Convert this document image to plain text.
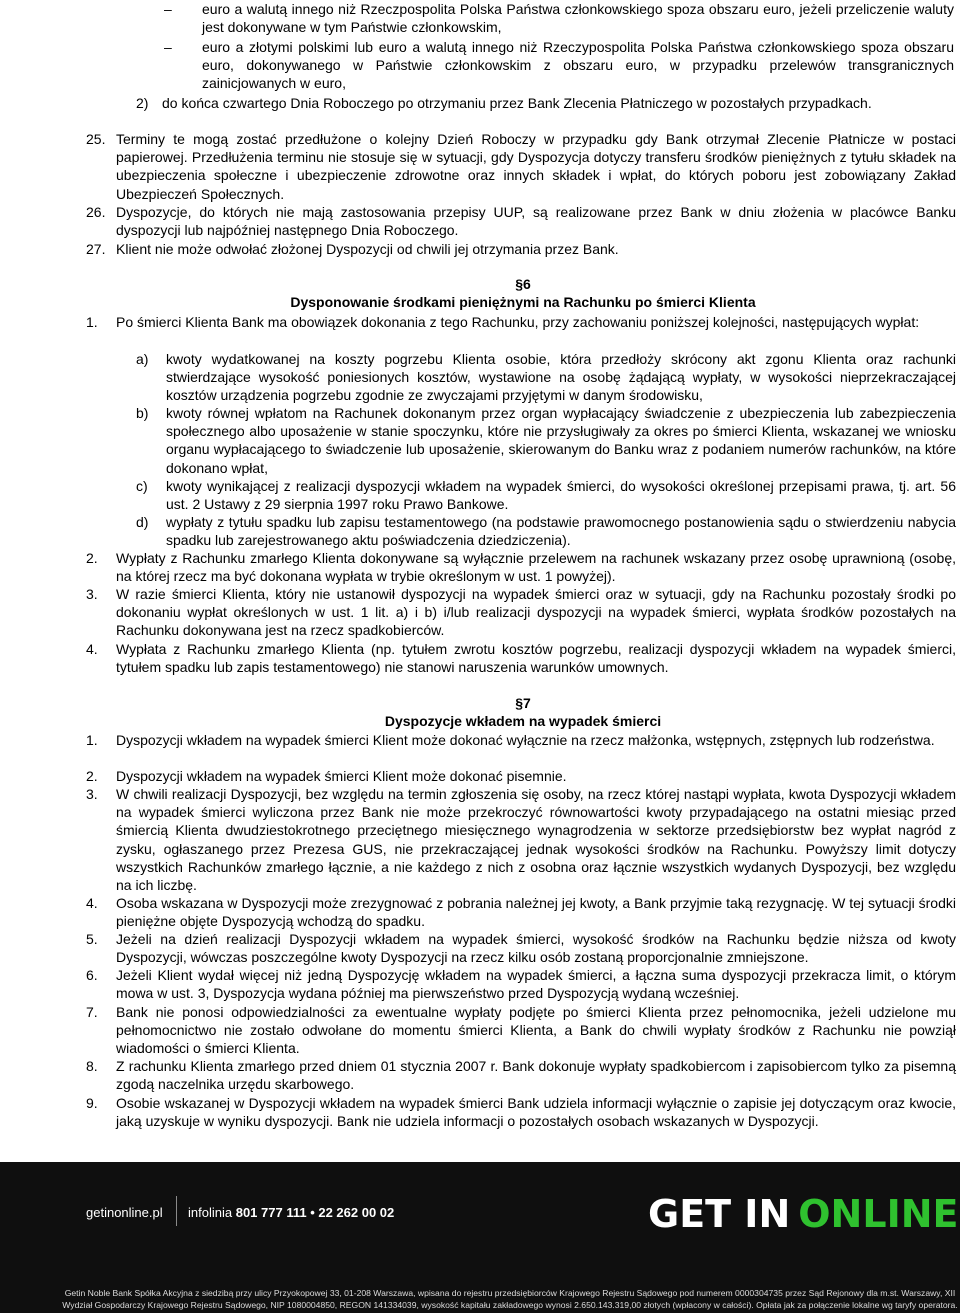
– euro a walutą innego niż Rzeczpospolita Polska Państwa członkowskiego spoza obszaru euro, jeżeli przeliczenie waluty jest dokonywane w tym Państwie członkowskim,
– euro a złotymi polskimi lub euro a walutą innego niż Rzeczypospolita Polska Państwa członkowskiego spoza obszaru euro, dokonywanego w Państwie członkowskim z obszaru euro, w przypadku przelewów transgranicznych zainicjowanych w euro,
2) do końca czwartego Dnia Roboczego po otrzymaniu przez Bank Zlecenia Płatniczego w pozostałych przypadkach.
25. Terminy te mogą zostać przedłużone o kolejny Dzień Roboczy w przypadku gdy Bank otrzymał Zlecenie Płatnicze w postaci papierowej. Przedłużenia terminu nie stosuje się w sytuacji, gdy Dyspozycja dotyczy transferu środków pieniężnych z tytułu składek na ubezpieczenia społeczne i ubezpieczenie zdrowotne oraz innych składek i wpłat, do których poboru jest zobowiązany Zakład Ubezpieczeń Społecznych.
26. Dyspozycje, do których nie mają zastosowania przepisy UUP, są realizowane przez Bank w dniu złożenia w placówce Banku dyspozycji lub najpóźniej następnego Dnia Roboczego.
27. Klient nie może odwołać złożonej Dyspozycji od chwili jej otrzymania przez Bank.
§6
Dysponowanie środkami pieniężnymi na Rachunku po śmierci Klienta
1. Po śmierci Klienta Bank ma obowiązek dokonania z tego Rachunku, przy zachowaniu poniższej kolejności, następujących wypłat:
a) kwoty wydatkowanej na koszty pogrzebu Klienta osobie, która przedłoży skrócony akt zgonu Klienta oraz rachunki stwierdzające wysokość poniesionych kosztów, wystawione na osobę żądającą wypłaty, w wysokości nieprzekraczającej kosztów urządzenia pogrzebu zgodnie ze zwyczajami przyjętymi w danym środowisku,
b) kwoty równej wpłatom na Rachunek dokonanym przez organ wypłacający świadczenie z ubezpieczenia lub zabezpieczenia społecznego albo uposażenie w stanie spoczynku, które nie przysługiwały za okres po śmierci Klienta, wskazanej we wniosku organu wypłacającego to świadczenie lub uposażenie, skierowanym do Banku wraz z podaniem numerów rachunków, na które dokonano wpłat,
c) kwoty wynikającej z realizacji dyspozycji wkładem na wypadek śmierci, do wysokości określonej przepisami prawa, tj. art. 56 ust. 2 Ustawy z 29 sierpnia 1997 roku Prawo Bankowe.
d) wypłaty z tytułu spadku lub zapisu testamentowego (na podstawie prawomocnego postanowienia sądu o stwierdzeniu nabycia spadku lub zarejestrowanego aktu poświadczenia dziedziczenia).
2. Wypłaty z Rachunku zmarłego Klienta dokonywane są wyłącznie przelewem na rachunek wskazany przez osobę uprawnioną (osobę, na której rzecz ma być dokonana wypłata w trybie określonym w ust. 1 powyżej).
3. W razie śmierci Klienta, który nie ustanowił dyspozycji na wypadek śmierci oraz w sytuacji, gdy na Rachunku pozostały środki po dokonaniu wypłat określonych w ust. 1 lit. a) i b) i/lub realizacji dyspozycji na wypadek śmierci, wypłata środków pozostałych na Rachunku dokonywana jest na rzecz spadkobierców.
4. Wypłata z Rachunku zmarłego Klienta (np. tytułem zwrotu kosztów pogrzebu, realizacji dyspozycji wkładem na wypadek śmierci, tytułem spadku lub zapis testamentowego) nie stanowi naruszenia warunków umownych.
§7
Dyspozycje wkładem na wypadek śmierci
1. Dyspozycji wkładem na wypadek śmierci Klient może dokonać wyłącznie na rzecz małżonka, wstępnych, zstępnych lub rodzeństwa.
2. Dyspozycji wkładem na wypadek śmierci Klient może dokonać pisemnie.
3. W chwili realizacji Dyspozycji, bez względu na termin zgłoszenia się osoby, na rzecz której nastąpi wypłata, kwota Dyspozycji wkładem na wypadek śmierci wyliczona przez Bank nie może przekroczyć równowartości kwoty przypadającego na ostatni miesiąc przed śmiercią Klienta dwudziestokrotnego przeciętnego miesięcznego wynagrodzenia w sektorze przedsiębiorstw bez wypłat nagród z zysku, ogłaszanego przez Prezesa GUS, nie przekraczającej jednak wysokości środków na Rachunku. Powyższy limit dotyczy wszystkich Rachunków zmarłego łącznie, a nie każdego z nich z osobna oraz łącznie wszystkich wydanych Dyspozycji, bez względu na ich liczbę.
4. Osoba wskazana w Dyspozycji może zrezygnować z pobrania należnej jej kwoty, a Bank przyjmie taką rezygnację. W tej sytuacji środki pieniężne objęte Dyspozycją wchodzą do spadku.
5. Jeżeli na dzień realizacji Dyspozycji wkładem na wypadek śmierci, wysokość środków na Rachunku będzie niższa od kwoty Dyspozycji, wówczas poszczególne kwoty Dyspozycji na rzecz kilku osób zostaną proporcjonalnie zmniejszone.
6. Jeżeli Klient wydał więcej niż jedną Dyspozycję wkładem na wypadek śmierci, a łączna suma dyspozycji przekracza limit, o którym mowa w ust. 3, Dyspozycja wydana później ma pierwszeństwo przed Dyspozycją wydaną wcześniej.
7. Bank nie ponosi odpowiedzialności za ewentualne wypłaty podjęte po śmierci Klienta przez pełnomocnika, jeżeli udzielone mu pełnomocnictwo nie zostało odwołane do momentu śmierci Klienta, a Bank do chwili wypłaty środków z Rachunku nie powziął wiadomości o śmierci Klienta.
8. Z rachunku Klienta zmarłego przed dniem 01 stycznia 2007 r. Bank dokonuje wypłaty spadkobiercom i zapisobiercom tylko za pisemną zgodą naczelnika urzędu skarbowego.
9. Osobie wskazanej w Dyspozycji wkładem na wypadek śmierci Bank udziela informacji wyłącznie o zapisie jej dotyczącym oraz kwocie, jaką uzyskuje w wyniku dyspozycji. Bank nie udziela informacji o pozostałych osobach wskazanych w Dyspozycji.
getinonline.pl infolinia 801 777 111 • 22 262 00 02	GET IN ONLINE
Getin Noble Bank Spółka Akcyjna z siedzibą przy ulicy Przyokopowej 33, 01-208 Warszawa, wpisana do rejestru przedsiębiorców Krajowego Rejestru Sądowego pod numerem 0000304735 przez Sąd Rejonowy dla m.st. Warszawy, XII
Wydział Gospodarczy Krajowego Rejestru Sądowego, NIP 1080004850, REGON 141334039, wysokość kapitału zakładowego wynosi 2.650.143.319,00 złotych (wpłacony w całości). Opłata jak za połączenie lokalne wg taryfy operatora.
